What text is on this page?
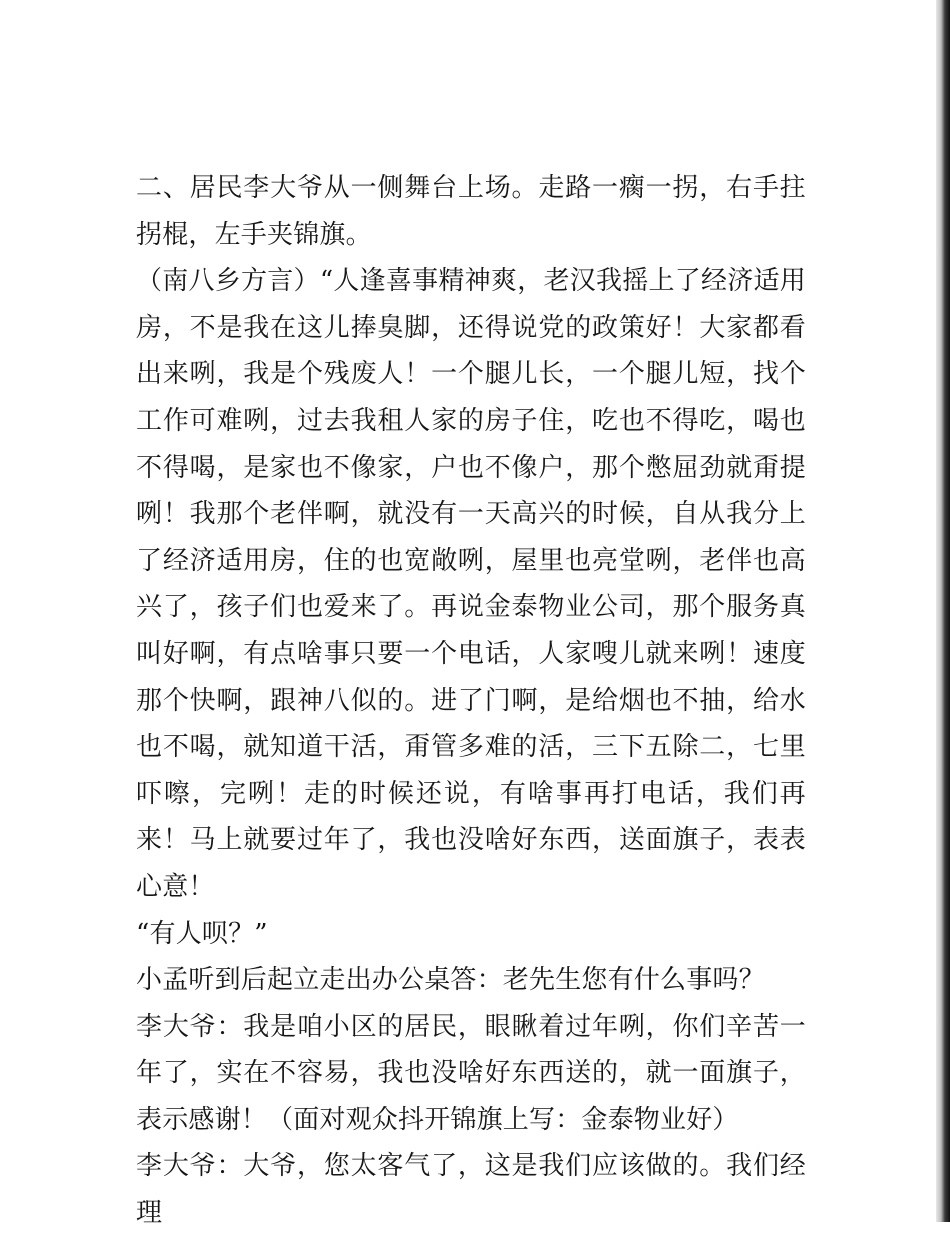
二、居民李大爷从一侧舞台上场。走路一瘸一拐，右手拄拐棍，左手夹锦旗。

（南八乡方言）“人逢喜事精神爽，老汉我摇上了经济适用房，不是我在这儿捧臭脚，还得说党的政策好！大家都看出来咧，我是个残废人！一个腿儿长，一个腿儿短，找个工作可难咧，过去我租人家的房子住，吃也不得吃，喝也不得喝，是家也不像家，户也不像户，那个憋屈劲就甭提咧！我那个老伴啊，就没有一天高兴的时候，自从我分上了经济适用房，住的也宽敞咧，屋里也亮堂咧，老伴也高兴了，孩子们也爱来了。再说金泰物业公司，那个服务真叫好啊，有点啥事只要一个电话，人家嗖儿就来咧！速度那个快啊，跟神八似的。进了门啊，是给烟也不抽，给水也不喝，就知道干活，甭管多难的活，三下五除二，七里吓嚓，完咧！走的时候还说，有啥事再打电话，我们再来！马上就要过年了，我也没啥好东西，送面旗子，表表心意！

“有人呗？”

小孟听到后起立走出办公桌答：老先生您有什么事吗？

李大爷：我是咱小区的居民，眼瞅着过年咧，你们辛苦一年了，实在不容易，我也没啥好东西送的，就一面旗子，表示感谢！（面对观众抖开锦旗上写：金泰物业好）

李大爷：大爷，您太客气了，这是我们应该做的。我们经理
